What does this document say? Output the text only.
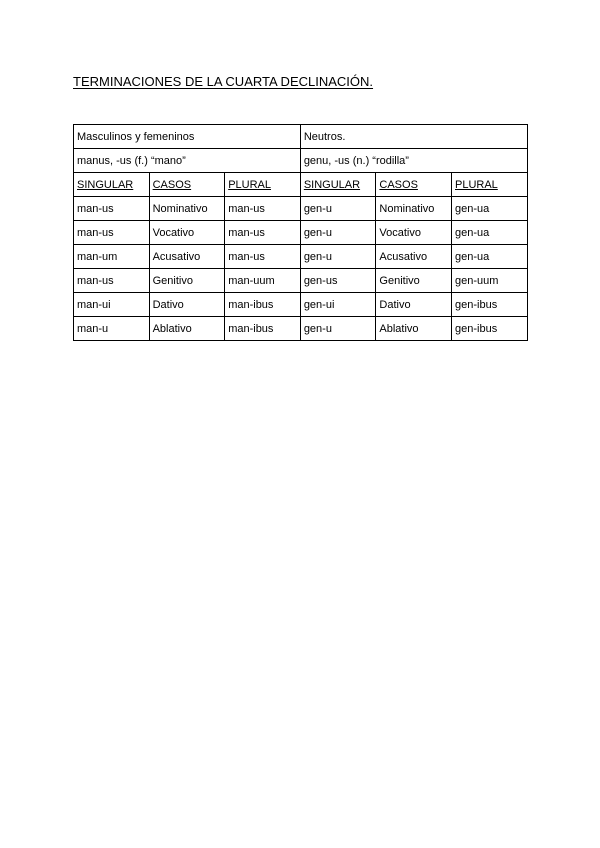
TERMINACIONES DE LA CUARTA DECLINACIÓN.
Masculinos y femeninos			Neutros.		
manus, -us (f.) “mano”			genu, -us (n.) “rodilla”		
SINGULAR	CASOS	PLURAL	SINGULAR	CASOS	PLURAL
man-us	Nominativo	man-us	gen-u	Nominativo	gen-ua
man-us	Vocativo	man-us	gen-u	Vocativo	gen-ua
man-um	Acusativo	man-us	gen-u	Acusativo	gen-ua
man-us	Genitivo	man-uum	gen-us	Genitivo	gen-uum
man-ui	Dativo	man-ibus	gen-ui	Dativo	gen-ibus
man-u	Ablativo	man-ibus	gen-u	Ablativo	gen-ibus
